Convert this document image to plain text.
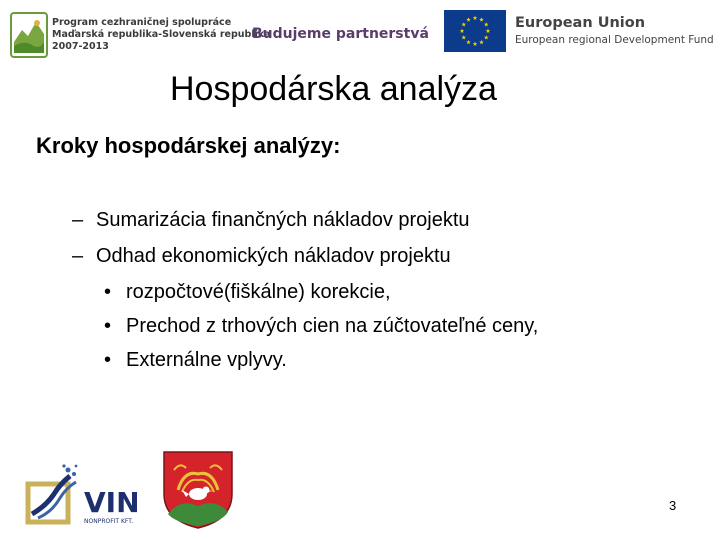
Program cezhraničnej spolupráce
Maďarská republika-Slovenská republika
2007-2013
Budujeme partnerstvá
European Union
European regional Development Fund
Hospodárska analýza
Kroky hospodárskej analýzy:
– Sumarizácia finančných nákladov projektu
– Odhad ekonomických nákladov projektu
• rozpočtové(fiškálne) korekcie,
• Prechod z trhových cien na zúčtovateľné ceny,
• Externálne vplyvy.
VIN
NONPROFIT KFT.
3
